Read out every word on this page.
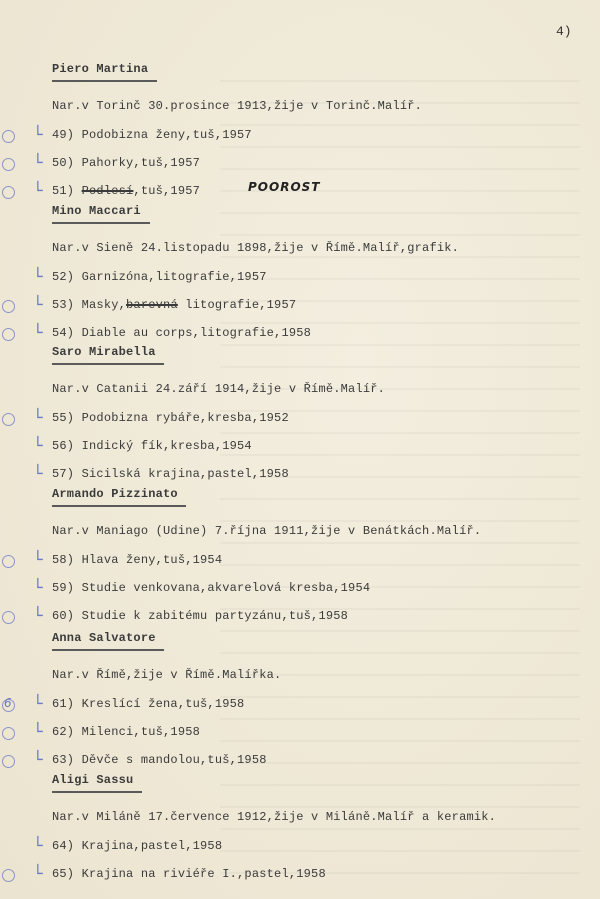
4)
Piero Martina
Nar.v Torinč 30.prosince 1913,žije v Torinč.Malíř.
└ 49) Podobizna ženy,tuš,1957
└ 50) Pahorky,tuš,1957
└ 51) Podlesí,tuš,1957	POOROST
Mino Maccari
Nar.v Sieně 24.listopadu 1898,žije v Římě.Malíř,grafik.
└ 52) Garnizóna,litografie,1957
└ 53) Masky,barevná litografie,1957
└ 54) Diable au corps,litografie,1958
Saro Mirabella
Nar.v Catanii 24.září 1914,žije v Římě.Malíř.
└ 55) Podobizna rybáře,kresba,1952
└ 56) Indický fík,kresba,1954
└ 57) Sicilská krajina,pastel,1958
Armando Pizzinato
Nar.v Maniago (Udine) 7.října 1911,žije v Benátkách.Malíř.
└ 58) Hlava ženy,tuš,1954
└ 59) Studie venkovana,akvarelová kresba,1954
└ 60) Studie k zabitému partyzánu,tuš,1958
Anna Salvatore
Nar.v Římě,žije v Římě.Malířka.
└ 61) Kreslící žena,tuš,1958
6
└ 62) Milenci,tuš,1958
└ 63) Děvče s mandolou,tuš,1958
Aligi Sassu
Nar.v Miláně 17.července 1912,žije v Miláně.Malíř a keramik.
└ 64) Krajina,pastel,1958
└ 65) Krajina na riviéře I.,pastel,1958
